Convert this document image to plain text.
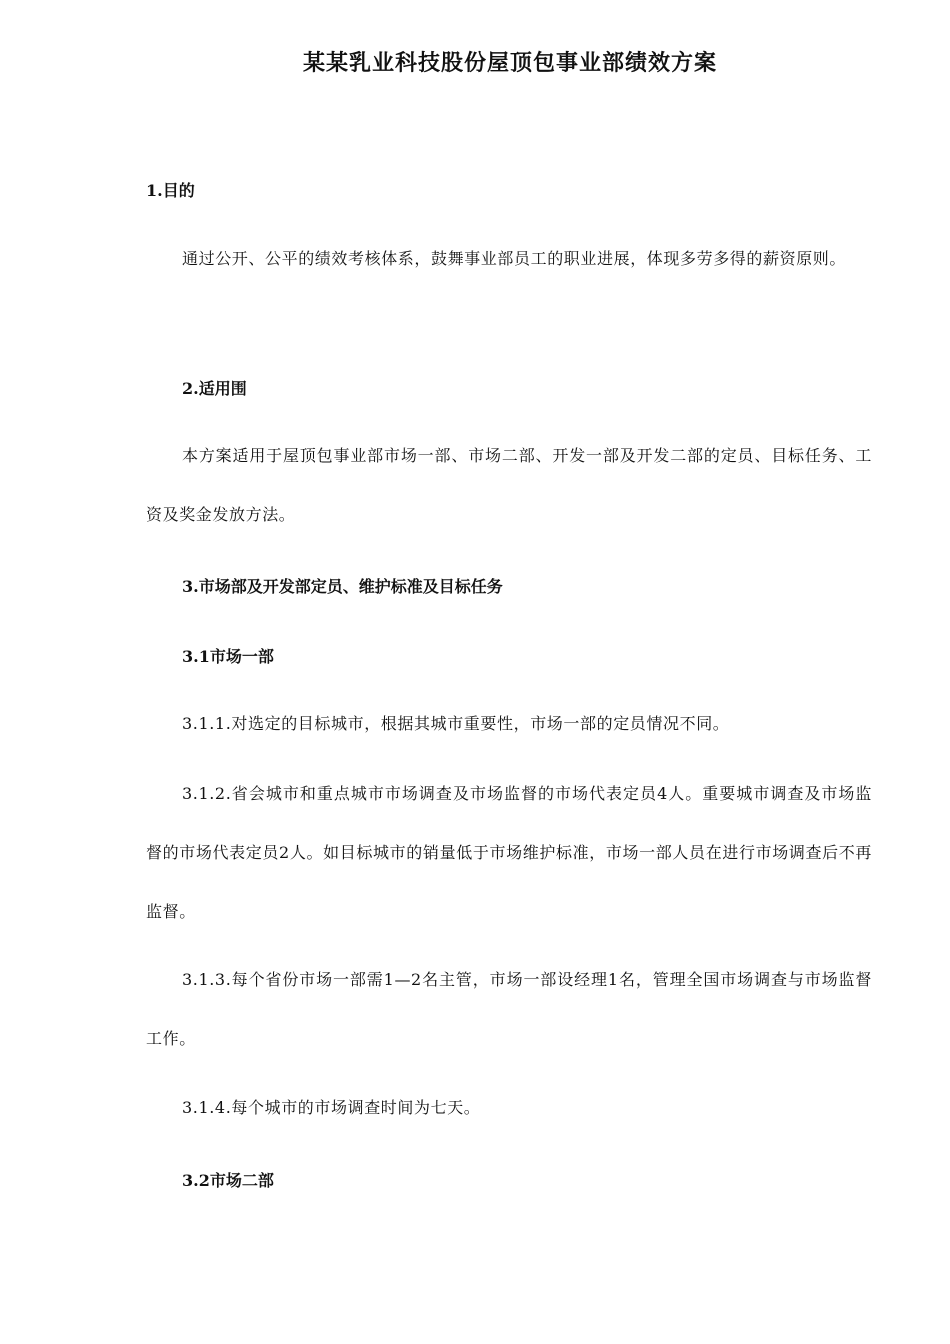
某某乳业科技股份屋顶包事业部绩效方案
1.目的
通过公开、公平的绩效考核体系，鼓舞事业部员工的职业进展，体现多劳多得的薪资原则。
2.适用围
本方案适用于屋顶包事业部市场一部、市场二部、开发一部及开发二部的定员、目标任务、工资及奖金发放方法。
3.市场部及开发部定员、维护标准及目标任务
3.1市场一部
3.1.1.对选定的目标城市，根据其城市重要性，市场一部的定员情况不同。
3.1.2.省会城市和重点城市市场调查及市场监督的市场代表定员4人。重要城市调查及市场监督的市场代表定员2人。如目标城市的销量低于市场维护标准，市场一部人员在进行市场调查后不再监督。
3.1.3.每个省份市场一部需1—2名主管，市场一部设经理1名，管理全国市场调查与市场监督工作。
3.1.4.每个城市的市场调查时间为七天。
3.2市场二部
